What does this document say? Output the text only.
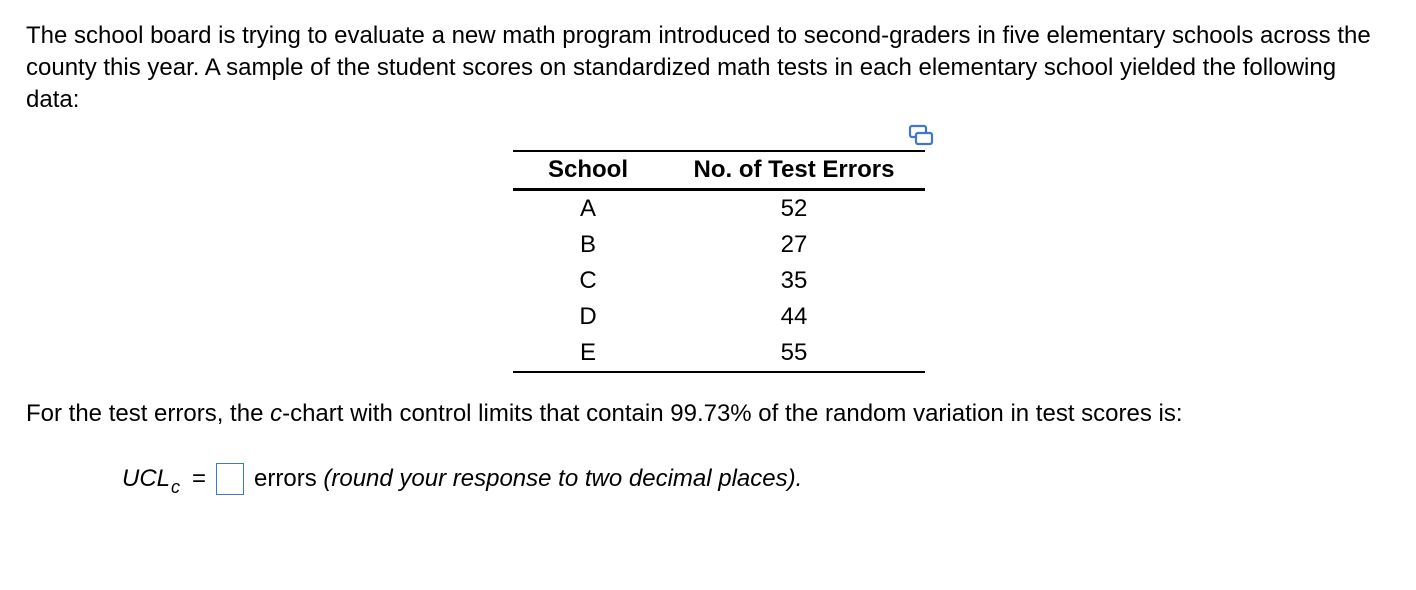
The school board is trying to evaluate a new math program introduced to second-graders in five elementary schools across the county this year. A sample of the student scores on standardized math tests in each elementary school yielded the following data:

School	No. of Test Errors
A	52
B	27
C	35
D	44
E	55

For the test errors, the c-chart with control limits that contain 99.73% of the random variation in test scores is:

UCL c = errors
(round your response to two decimal places).
